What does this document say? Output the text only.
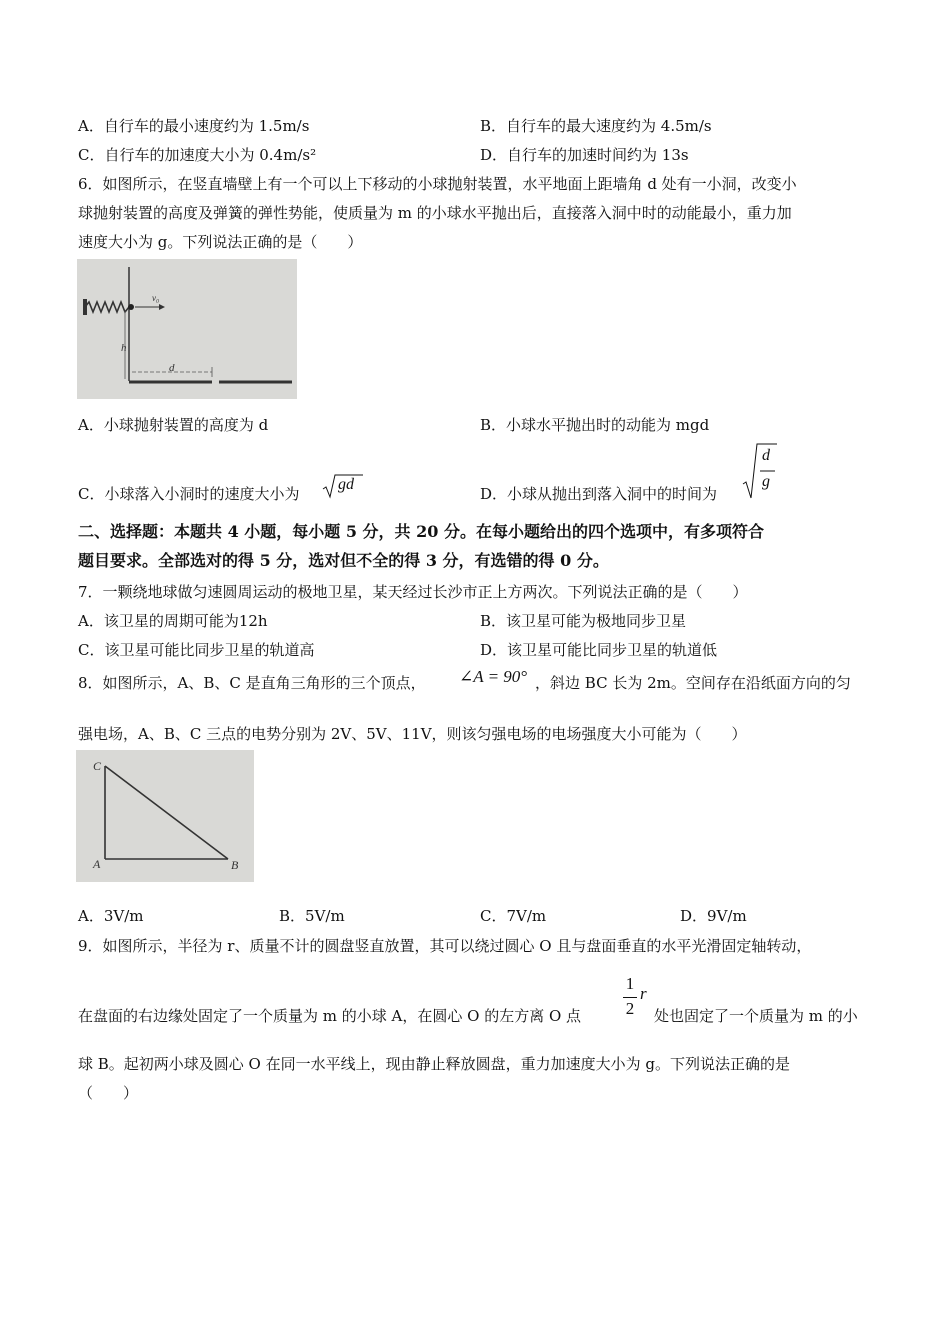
A．自行车的最小速度约为 1.5m/s	B．自行车的最大速度约为 4.5m/s
C．自行车的加速度大小为 0.4m/s²	D．自行车的加速时间约为 13s
6．如图所示，在竖直墙壁上有一个可以上下移动的小球抛射装置，水平地面上距墙角 d 处有一小洞，改变小
球抛射装置的高度及弹簧的弹性势能，使质量为 m 的小球水平抛出后，直接落入洞中时的动能最小，重力加
速度大小为 g。下列说法正确的是（　　）
v₀
h
d
A．小球抛射装置的高度为 d	B．小球水平抛出时的动能为 mgd
C．小球落入小洞时的速度大小为
gd
D．小球从抛出到落入洞中的时间为
d
g
二、选择题：本题共 4 小题，每小题 5 分，共 20 分。在每小题给出的四个选项中，有多项符合
题目要求。全部选对的得 5 分，选对但不全的得 3 分，有选错的得 0 分。
7．一颗绕地球做匀速圆周运动的极地卫星，某天经过长沙市正上方两次。下列说法正确的是（　　）
A．该卫星的周期可能为12h	B．该卫星可能为极地同步卫星
C．该卫星可能比同步卫星的轨道高	D．该卫星可能比同步卫星的轨道低
8．如图所示，A、B、C 是直角三角形的三个顶点， ∠A = 90° ，斜边 BC 长为 2m。空间存在沿纸面方向的匀
强电场，A、B、C 三点的电势分别为 2V、5V、11V，则该匀强电场的电场强度大小可能为（　　）
C
A	B
A．3V/m	B．5V/m	C．7V/m	D．9V/m
9．如图所示，半径为 r、质量不计的圆盘竖直放置，其可以绕过圆心 O 且与盘面垂直的水平光滑固定轴转动，
在盘面的右边缘处固定了一个质量为 m 的小球 A，在圆心 O 的左方离 O 点
1
2
r
处也固定了一个质量为 m 的小
球 B。起初两小球及圆心 O 在同一水平线上，现由静止释放圆盘，重力加速度大小为 g。下列说法正确的是
（　　）
